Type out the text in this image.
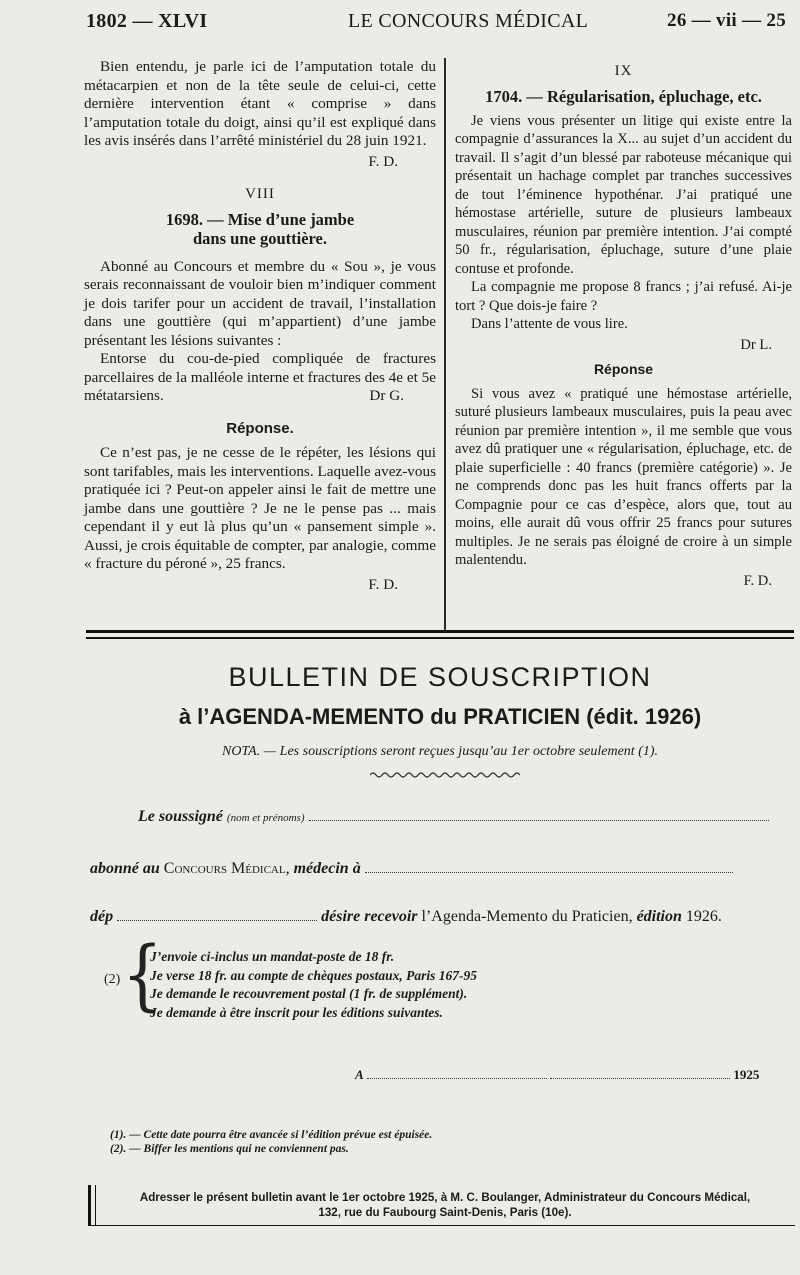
1802 — XLVI	LE CONCOURS MÉDICAL	26 — vii — 25

Bien entendu, je parle ici de l’amputation totale du métacarpien et non de la tête seule de celui-ci, cette dernière intervention étant « comprise » dans l’amputation totale du doigt, ainsi qu’il est expliqué dans les avis insérés dans l’arrêté ministériel du 28 juin 1921.

F. D.

VIII
1698. — Mise d’une jambe
dans une gouttière.

Abonné au Concours et membre du « Sou », je vous serais reconnaissant de vouloir bien m’indiquer comment je dois tarifer pour un accident de travail, l’installation dans une gouttière (qui m’appartient) d’une jambe présentant les lésions suivantes :

Entorse du cou-de-pied compliquée de fractures parcellaires de la malléole interne et fractures des 4e et 5e métatarsiens.	Dr G.

Réponse.

Ce n’est pas, je ne cesse de le répéter, les lésions qui sont tarifables, mais les interventions. Laquelle avez-vous pratiquée ici ? Peut-on appeler ainsi le fait de mettre une jambe dans une gouttière ? Je ne le pense pas ... mais cependant il y eut là plus qu’un « pansement simple ». Aussi, je crois équitable de compter, par analogie, comme « fracture du péroné », 25 francs.

F. D.

IX
1704. — Régularisation, épluchage, etc.

Je viens vous présenter un litige qui existe entre la compagnie d’assurances la X... au sujet d’un accident du travail. Il s’agit d’un blessé par raboteuse mécanique qui présentait un hachage complet par tranches successives de tout l’éminence hypothénar. J’ai pratiqué une hémostase artérielle, suture de plusieurs lambeaux musculaires, réunion par première intention. J’ai compté 50 fr., régularisation, épluchage, suture d’une plaie contuse et profonde.

La compagnie me propose 8 francs ; j’ai refusé. Ai-je tort ? Que dois-je faire ?

Dans l’attente de vous lire.

Dr L.

Réponse

Si vous avez « pratiqué une hémostase artérielle, suturé plusieurs lambeaux musculaires, puis la peau avec réunion par première intention », il me semble que vous avez dû pratiquer une « régularisation, épluchage, etc. de plaie superficielle : 40 francs (première catégorie) ». Je ne comprends donc pas les huit francs offerts par la Compagnie pour ce cas d’espèce, alors que, tout au moins, elle aurait dû vous offrir 25 francs pour sutures multiples. Je ne serais pas éloigné de croire à un simple malentendu.

F. D.

BULLETIN DE SOUSCRIPTION
à l’AGENDA-MEMENTO du PRATICIEN (édit. 1926)
NOTA. — Les souscriptions seront reçues jusqu’au 1er octobre seulement (1).
Le soussigné (nom et prénoms)
abonné au Concours Médical, médecin à
dép	désire recevoir l’Agenda-Memento du Praticien, édition 1926.
(2) {
J’envoie ci-inclus un mandat-poste de 18 fr.
Je verse 18 fr. au compte de chèques postaux, Paris 167-95
Je demande le recouvrement postal (1 fr. de supplément).
Je demande à être inscrit pour les éditions suivantes.
A	1925
(1). — Cette date pourra être avancée si l’édition prévue est épuisée.
(2). — Biffer les mentions qui ne conviennent pas.
Adresser le présent bulletin avant le 1er octobre 1925, à M. C. Boulanger, Administrateur du Concours Médical,
132, rue du Faubourg Saint-Denis, Paris (10e).
